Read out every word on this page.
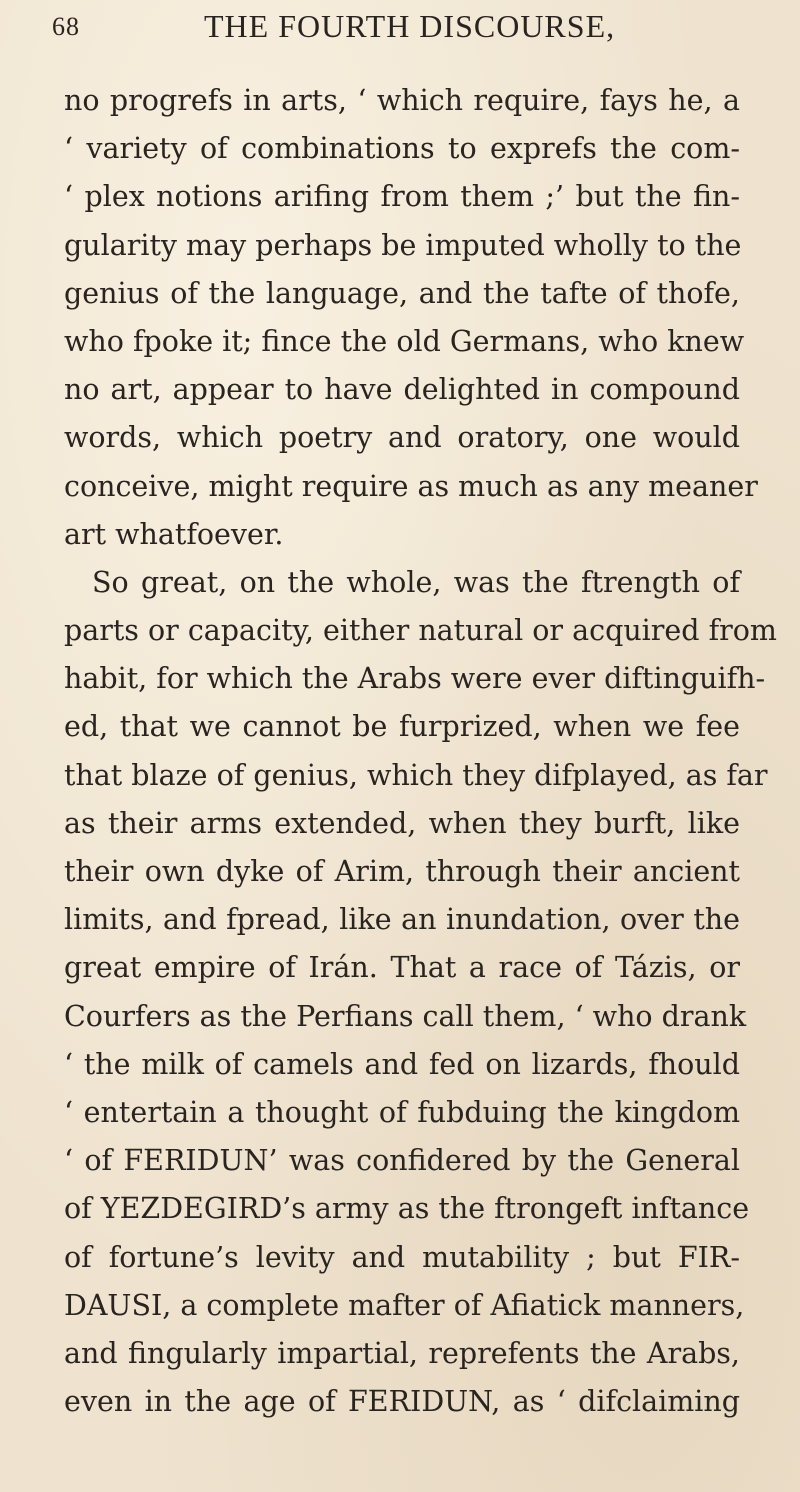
68	THE FOURTH DISCOURSE,
no progrefs in arts, ‘ which require, fays he, a
‘ variety of combinations to exprefs the com-
‘ plex notions arifing from them ;’ but the fin-
gularity may perhaps be imputed wholly to the
genius of the language, and the tafte of thofe,
who fpoke it; fince the old Germans, who knew
no art, appear to have delighted in compound
words, which poetry and oratory, one would
conceive, might require as much as any meaner
art whatfoever.
So great, on the whole, was the ftrength of
parts or capacity, either natural or acquired from
habit, for which the Arabs were ever diftinguifh-
ed, that we cannot be furprized, when we fee
that blaze of genius, which they difplayed, as far
as their arms extended, when they burft, like
their own dyke of Arim, through their ancient
limits, and fpread, like an inundation, over the
great empire of Irán. That a race of Tázis, or
Courfers as the Perfians call them, ‘ who drank
‘ the milk of camels and fed on lizards, fhould
‘ entertain a thought of fubduing the kingdom
‘ of FERIDUN’ was confidered by the General
of YEZDEGIRD’s army as the ftrongeft inftance
of fortune’s levity and mutability ; but FIR-
DAUSI, a complete mafter of Afiatick manners,
and fingularly impartial, reprefents the Arabs,
even in the age of FERIDUN, as ‘ difclaiming
